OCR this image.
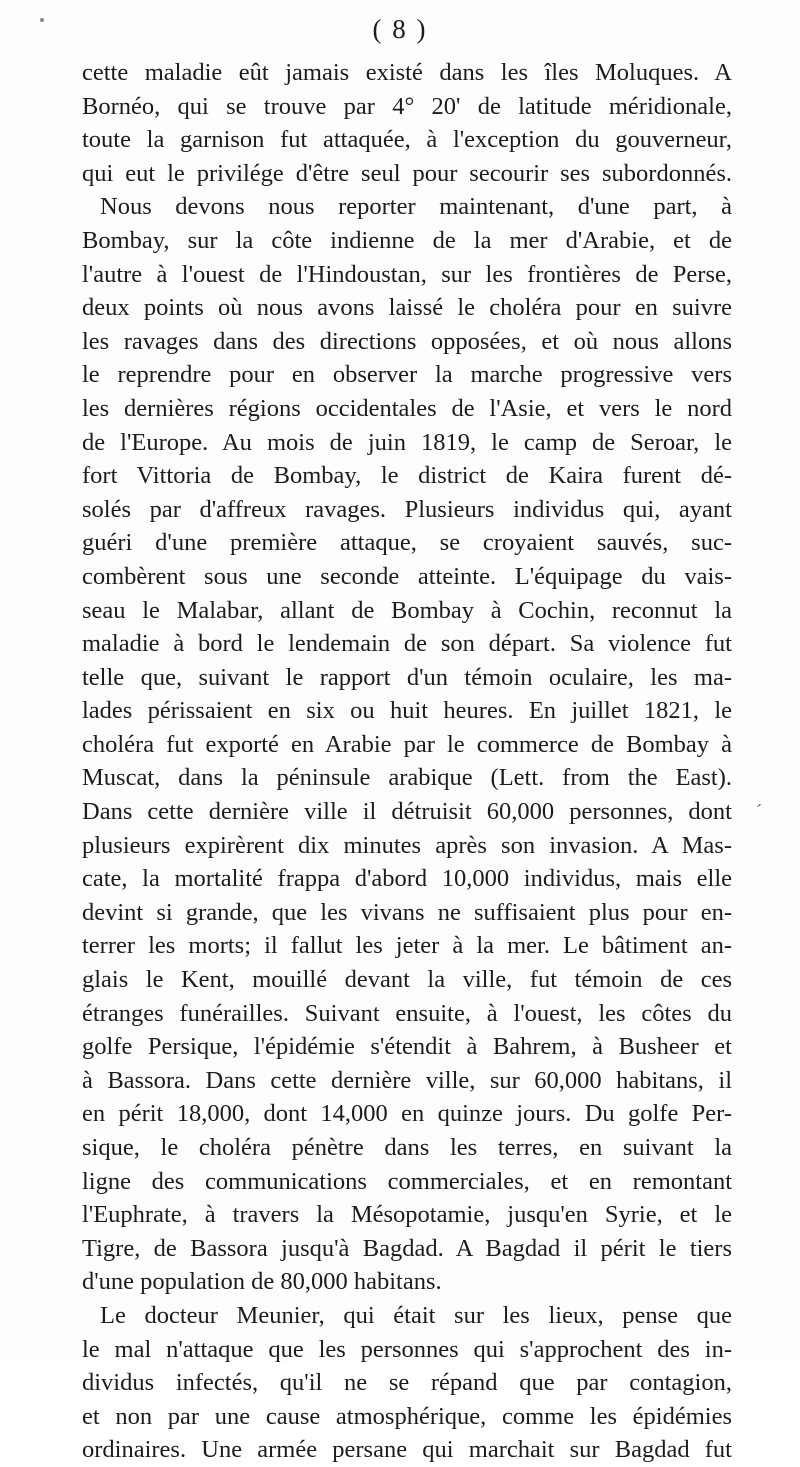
( 8 )
cette maladie eût jamais existé dans les îles Moluques. A
Bornéo, qui se trouve par 4° 20' de latitude méridionale,
toute la garnison fut attaquée, à l'exception du gouverneur,
qui eut le privilége d'être seul pour secourir ses subordonnés.
Nous devons nous reporter maintenant, d'une part, à
Bombay, sur la côte indienne de la mer d'Arabie, et de
l'autre à l'ouest de l'Hindoustan, sur les frontières de Perse,
deux points où nous avons laissé le choléra pour en suivre
les ravages dans des directions opposées, et où nous allons
le reprendre pour en observer la marche progressive vers
les dernières régions occidentales de l'Asie, et vers le nord
de l'Europe. Au mois de juin 1819, le camp de Seroar, le
fort Vittoria de Bombay, le district de Kaira furent dé-
solés par d'affreux ravages. Plusieurs individus qui, ayant
guéri d'une première attaque, se croyaient sauvés, suc-
combèrent sous une seconde atteinte. L'équipage du vais-
seau le Malabar, allant de Bombay à Cochin, reconnut la
maladie à bord le lendemain de son départ. Sa violence fut
telle que, suivant le rapport d'un témoin oculaire, les ma-
lades périssaient en six ou huit heures. En juillet 1821, le
choléra fut exporté en Arabie par le commerce de Bombay à
Muscat, dans la péninsule arabique (Lett. from the East).
Dans cette dernière ville il détruisit 60,000 personnes, dont ´
plusieurs expirèrent dix minutes après son invasion. A Mas-
cate, la mortalité frappa d'abord 10,000 individus, mais elle
devint si grande, que les vivans ne suffisaient plus pour en-
terrer les morts; il fallut les jeter à la mer. Le bâtiment an-
glais le Kent, mouillé devant la ville, fut témoin de ces
étranges funérailles. Suivant ensuite, à l'ouest, les côtes du
golfe Persique, l'épidémie s'étendit à Bahrem, à Busheer et
à Bassora. Dans cette dernière ville, sur 60,000 habitans, il
en périt 18,000, dont 14,000 en quinze jours. Du golfe Per-
sique, le choléra pénètre dans les terres, en suivant la
ligne des communications commerciales, et en remontant
l'Euphrate, à travers la Mésopotamie, jusqu'en Syrie, et le
Tigre, de Bassora jusqu'à Bagdad. A Bagdad il périt le tiers
d'une population de 80,000 habitans.
Le docteur Meunier, qui était sur les lieux, pense que
le mal n'attaque que les personnes qui s'approchent des in-
dividus infectés, qu'il ne se répand que par contagion,
et non par une cause atmosphérique, comme les épidémies
ordinaires. Une armée persane qui marchait sur Bagdad fut
